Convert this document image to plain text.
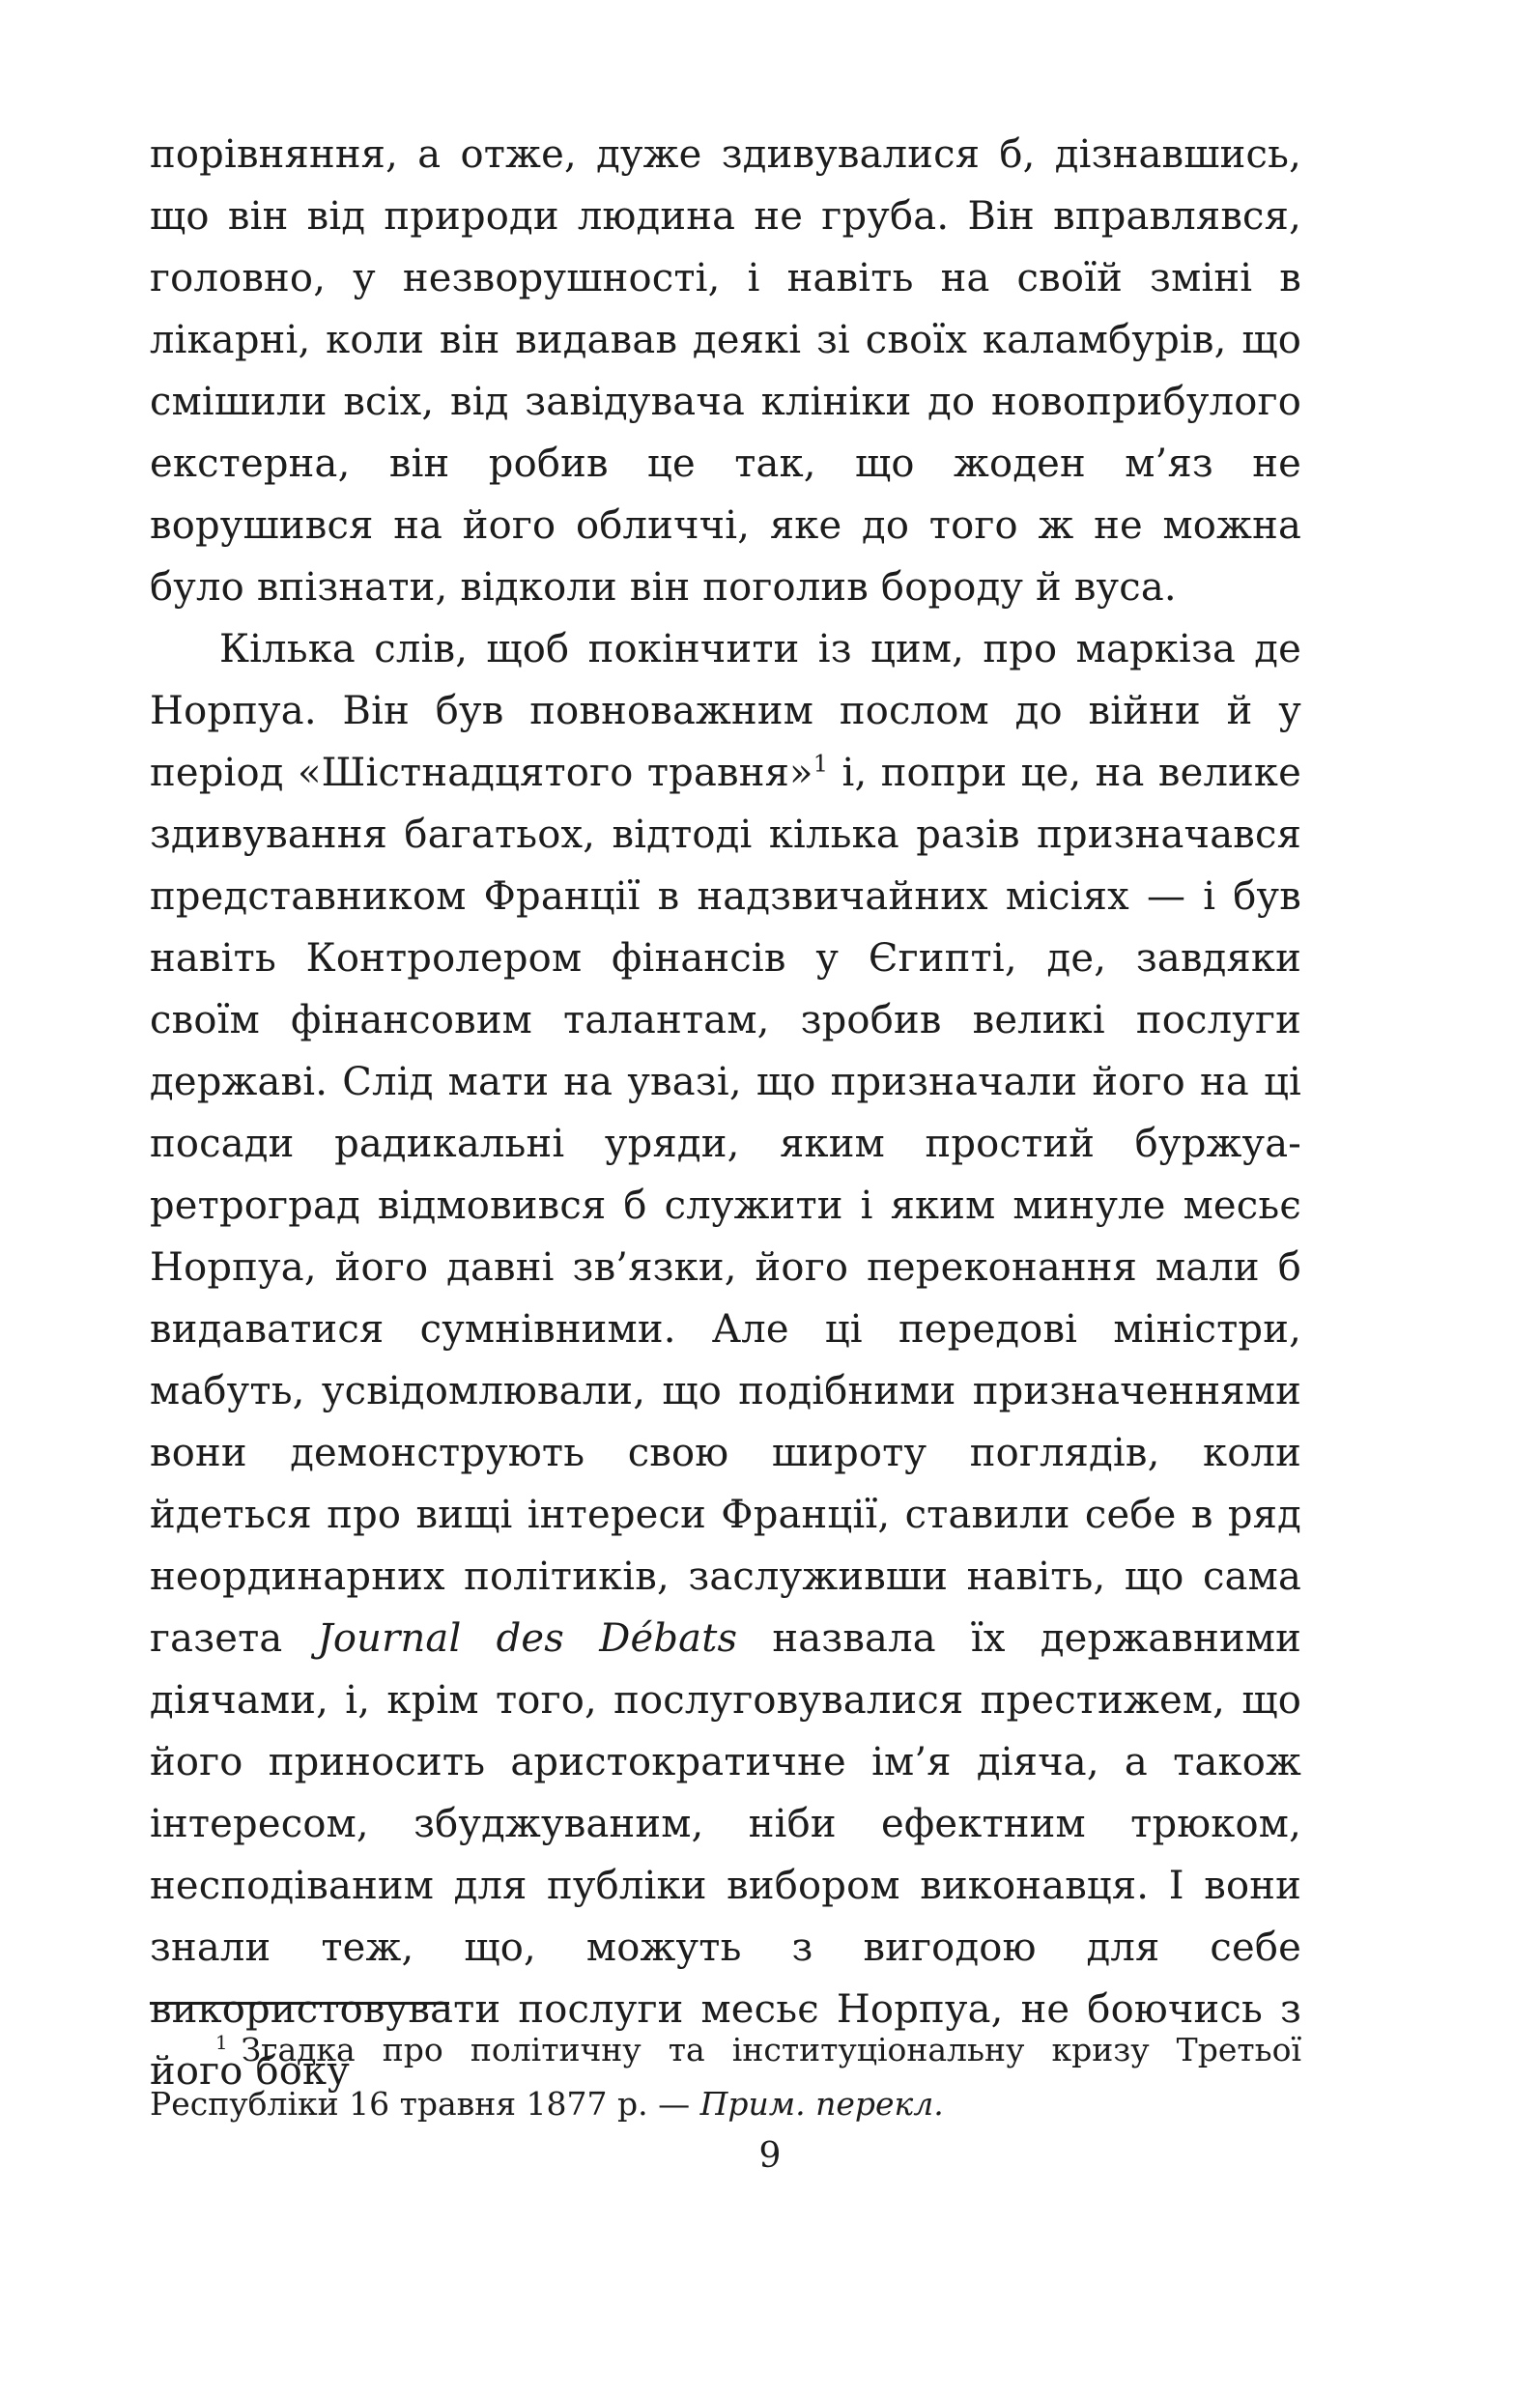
порівняння, а отже, дуже здивувалися б, дізнавшись, що він від природи людина не груба. Він вправлявся, головно, у незворушності, і навіть на своїй зміні в лікарні, коли він видавав деякі зі своїх каламбурів, що смішили всіх, від завідувача клініки до новоприбулого екстерна, він робив це так, що жоден м’яз не ворушився на його обличчі, яке до того ж не можна було впізнати, відколи він поголив бороду й вуса.

Кілька слів, щоб покінчити із цим, про маркіза де Норпуа. Він був повноважним послом до війни й у період «Шістнадцятого травня»$^1$ і, попри це, на велике здивування багатьох, відтоді кілька разів призначався представником Франції в надзвичайних місіях — і був навіть Контролером фінансів у Єгипті, де, завдяки своїм фінансовим талантам, зробив великі послуги державі. Слід мати на увазі, що призначали його на ці посади радикальні уряди, яким простий буржуа-ретроград відмовився б служити і яким минуле месьє Норпуа, його давні зв’язки, його переконання мали б видаватися сумнівними. Але ці передові міністри, мабуть, усвідомлювали, що подібними призначеннями вони демонструють свою широту поглядів, коли йдеться про вищі інтереси Франції, ставили себе в ряд неординарних політиків, заслуживши навіть, що сама газета Journal des Débats назвала їх державними діячами, і, крім того, послуговувалися престижем, що його приносить аристократичне ім’я діяча, а також інтересом, збуджуваним, ніби ефектним трюком, несподіваним для публіки вибором виконавця. І вони знали теж, що, можуть з вигодою для себе використовувати послуги месьє Норпуа, не боючись з його боку

$^1$ Згадка про політичну та інституціональну кризу Третьої Республіки 16 травня 1877 р. — Прим. перекл.

9
